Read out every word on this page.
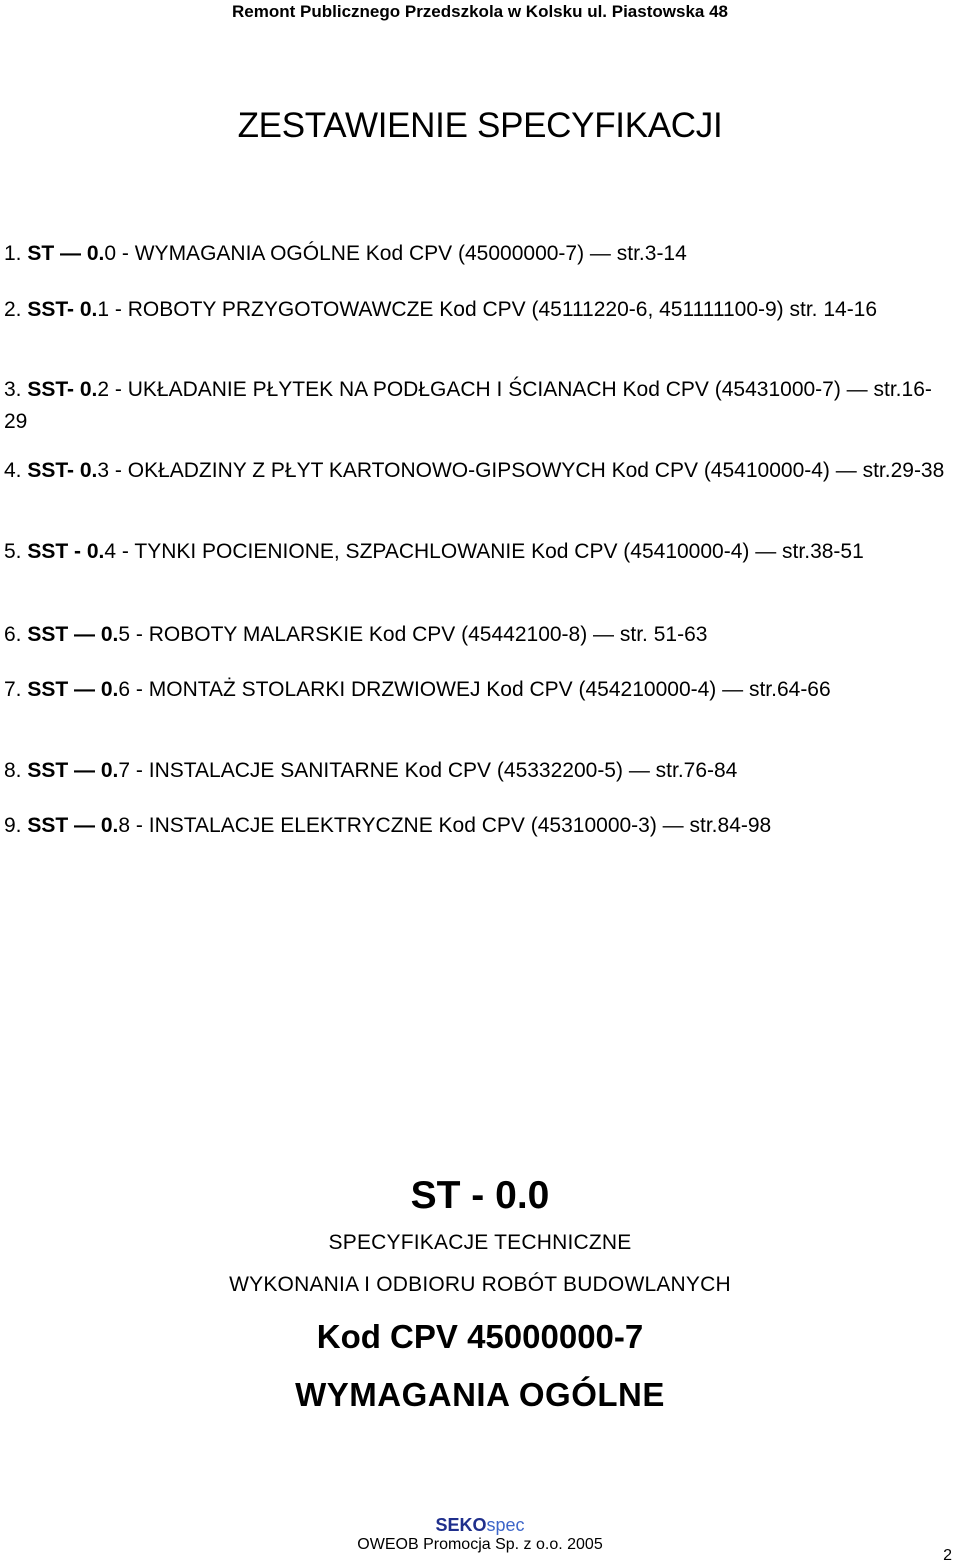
Remont Publicznego Przedszkola w Kolsku ul. Piastowska 48
ZESTAWIENIE SPECYFIKACJI
1. ST — 0.0 - WYMAGANIA OGÓLNE Kod CPV (45000000-7) — str.3-14
2. SST- 0.1 - ROBOTY PRZYGOTOWAWCZE Kod CPV (45111220-6, 451111100-9) str. 14-16
3. SST- 0.2 - UKŁADANIE PŁYTEK NA PODŁGACH I ŚCIANACH Kod CPV (45431000-7) — str.16-29
4. SST- 0.3 - OKŁADZINY Z PŁYT KARTONOWO-GIPSOWYCH Kod CPV (45410000-4) — str.29-38
5. SST - 0.4 - TYNKI POCIENIONE, SZPACHLOWANIE Kod CPV (45410000-4) — str.38-51
6. SST — 0.5 - ROBOTY MALARSKIE Kod CPV (45442100-8) — str. 51-63
7. SST — 0.6 - MONTAŻ STOLARKI DRZWIOWEJ Kod CPV (454210000-4) — str.64-66
8. SST — 0.7 - INSTALACJE SANITARNE Kod CPV (45332200-5) — str.76-84
9. SST — 0.8 - INSTALACJE ELEKTRYCZNE Kod CPV (45310000-3) — str.84-98
ST - 0.0
SPECYFIKACJE TECHNICZNE
WYKONANIA I ODBIORU ROBÓT BUDOWLANYCH
Kod CPV 45000000-7
WYMAGANIA OGÓLNE
SEKOspec
OWEOB Promocja Sp. z o.o. 2005
2
